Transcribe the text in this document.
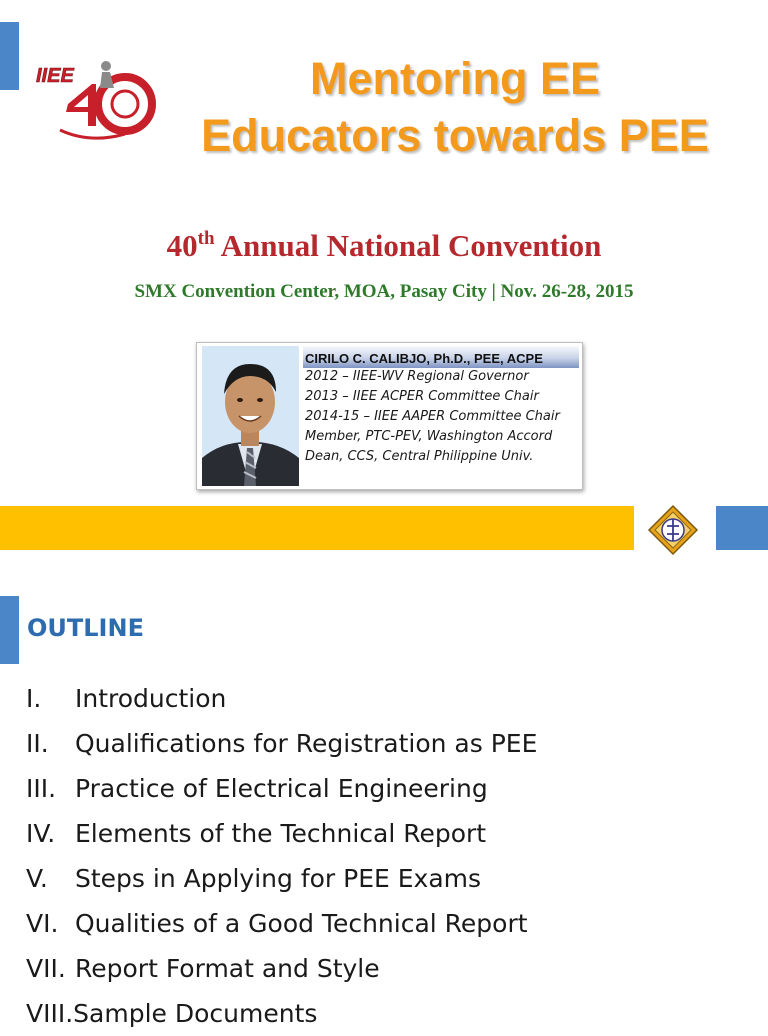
IIEE	Mentoring EE
Educators towards PEE

40th Annual National Convention

SMX Convention Center, MOA, Pasay City | Nov. 26-28, 2015

CIRILO C. CALIBJO, Ph.D., PEE, ACPE

2012 – IIEE-WV Regional Governor

2013 – IIEE ACPER Committee Chair

2014-15 – IIEE AAPER Committee Chair

Member, PTC-PEV, Washington Accord

Dean, CCS, Central Philippine Univ.

OUTLINE
I. Introduction
II. Qualifications for Registration as PEE
III. Practice of Electrical Engineering
IV. Elements of the Technical Report
V. Steps in Applying for PEE Exams
VI. Qualities of a Good Technical Report
VII. Report Format and Style
VIII.Sample Documents
